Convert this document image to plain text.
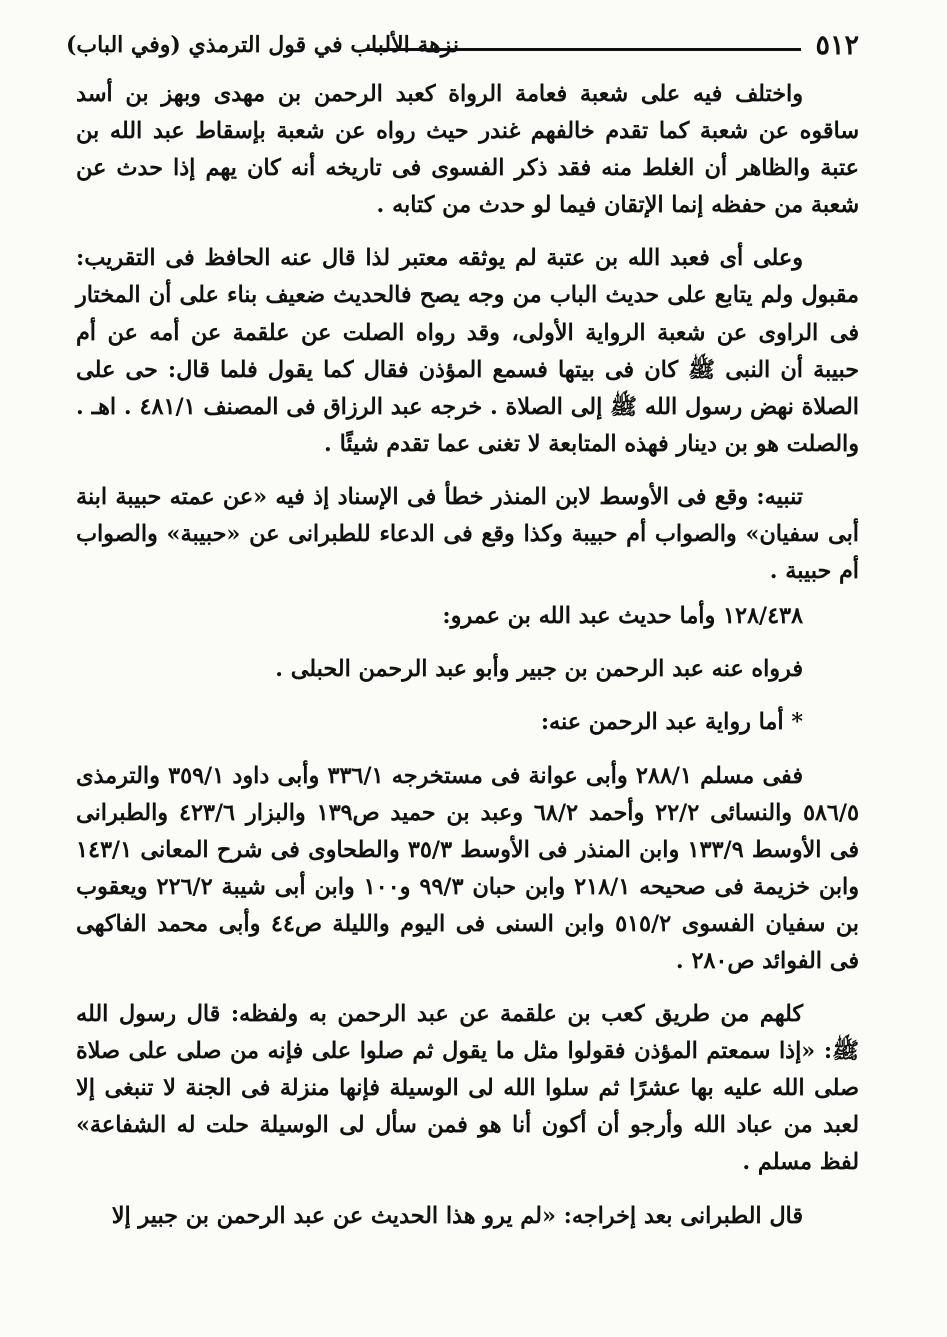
٥١٢
نزهة الألباب في قول الترمذي (وفي الباب)

واختلف فيه على شعبة فعامة الرواة كعبد الرحمن بن مهدى وبهز بن أسد ساقوه عن شعبة كما تقدم خالفهم غندر حيث رواه عن شعبة بإسقاط عبد الله بن عتبة والظاهر أن الغلط منه فقد ذكر الفسوى فى تاريخه أنه كان يهم إذا حدث عن شعبة من حفظه إنما الإتقان فيما لو حدث من كتابه .

وعلى أى فعبد الله بن عتبة لم يوثقه معتبر لذا قال عنه الحافظ فى التقريب: مقبول ولم يتابع على حديث الباب من وجه يصح فالحديث ضعيف بناء على أن المختار فى الراوى عن شعبة الرواية الأولى، وقد رواه الصلت عن علقمة عن أمه عن أم حبيبة أن النبى ﷺ كان فى بيتها فسمع المؤذن فقال كما يقول فلما قال: حى على الصلاة نهض رسول الله ﷺ إلى الصلاة . خرجه عبد الرزاق فى المصنف ٤٨١/١ . اهـ . والصلت هو بن دينار فهذه المتابعة لا تغنى عما تقدم شيئًا .

تنبيه: وقع فى الأوسط لابن المنذر خطأ فى الإسناد إذ فيه «عن عمته حبيبة ابنة أبى سفيان» والصواب أم حبيبة وكذا وقع فى الدعاء للطبرانى عن «حبيبة» والصواب أم حبيبة .

١٢٨/٤٣٨ وأما حديث عبد الله بن عمرو:

فرواه عنه عبد الرحمن بن جبير وأبو عبد الرحمن الحبلى .

* أما رواية عبد الرحمن عنه:

ففى مسلم ٢٨٨/١ وأبى عوانة فى مستخرجه ٣٣٦/١ وأبى داود ٣٥٩/١ والترمذى ٥٨٦/٥ والنسائى ٢٢/٢ وأحمد ٦٨/٢ وعبد بن حميد ص١٣٩ والبزار ٤٢٣/٦ والطبرانى فى الأوسط ١٣٣/٩ وابن المنذر فى الأوسط ٣٥/٣ والطحاوى فى شرح المعانى ١٤٣/١ وابن خزيمة فى صحيحه ٢١٨/١ وابن حبان ٩٩/٣ و١٠٠ وابن أبى شيبة ٢٢٦/٢ ويعقوب بن سفيان الفسوى ٥١٥/٢ وابن السنى فى اليوم والليلة ص٤٤ وأبى محمد الفاكهى فى الفوائد ص٢٨٠ .

كلهم من طريق كعب بن علقمة عن عبد الرحمن به ولفظه: قال رسول الله ﷺ: «إذا سمعتم المؤذن فقولوا مثل ما يقول ثم صلوا على فإنه من صلى على صلاة صلى الله عليه بها عشرًا ثم سلوا الله لى الوسيلة فإنها منزلة فى الجنة لا تنبغى إلا لعبد من عباد الله وأرجو أن أكون أنا هو فمن سأل لى الوسيلة حلت له الشفاعة» لفظ مسلم .

قال الطبرانى بعد إخراجه: «لم يرو هذا الحديث عن عبد الرحمن بن جبير إلا
